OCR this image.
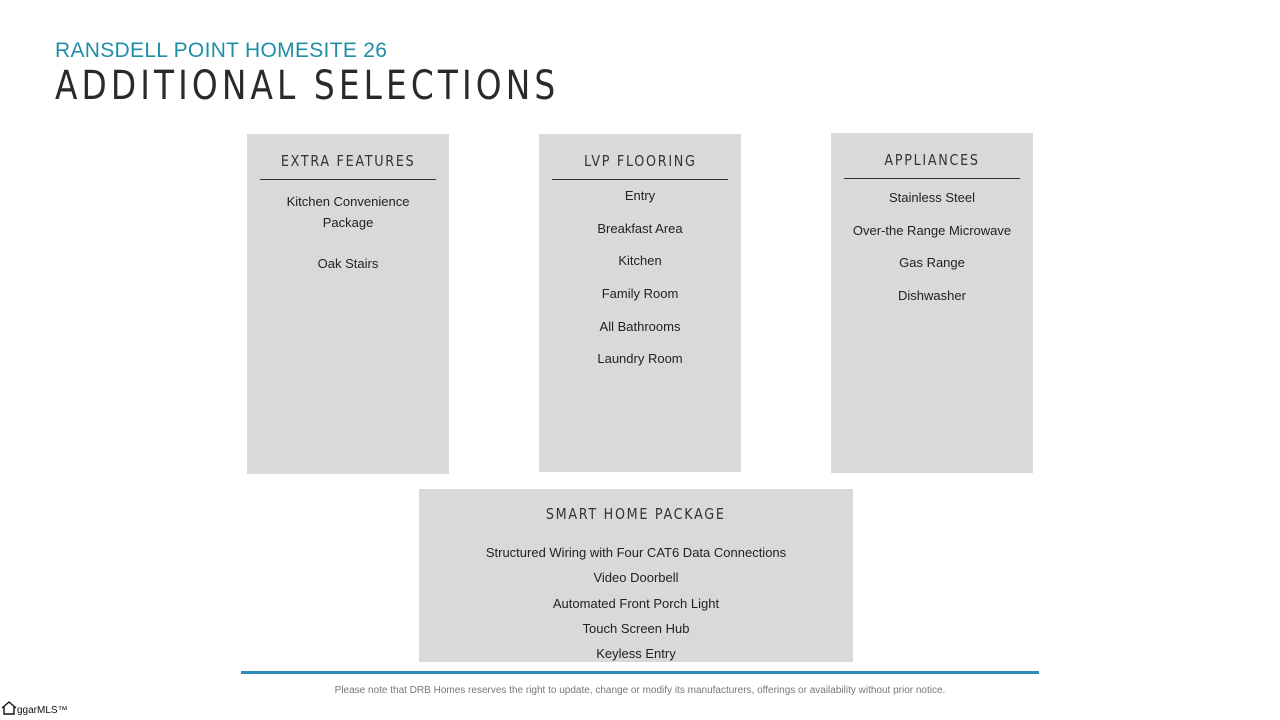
RANSDELL POINT HOMESITE 26
ADDITIONAL SELECTIONS
EXTRA FEATURES
Kitchen Convenience Package
Oak Stairs
LVP FLOORING
Entry
Breakfast Area
Kitchen
Family Room
All Bathrooms
Laundry Room
APPLIANCES
Stainless Steel
Over-the Range Microwave
Gas Range
Dishwasher
SMART HOME PACKAGE
Structured Wiring with Four CAT6 Data Connections
Video Doorbell
Automated Front Porch Light
Touch Screen Hub
Keyless Entry
Please note that DRB Homes reserves the right to update, change or modify its manufacturers, offerings or availability without prior notice.
ggarMLS™
